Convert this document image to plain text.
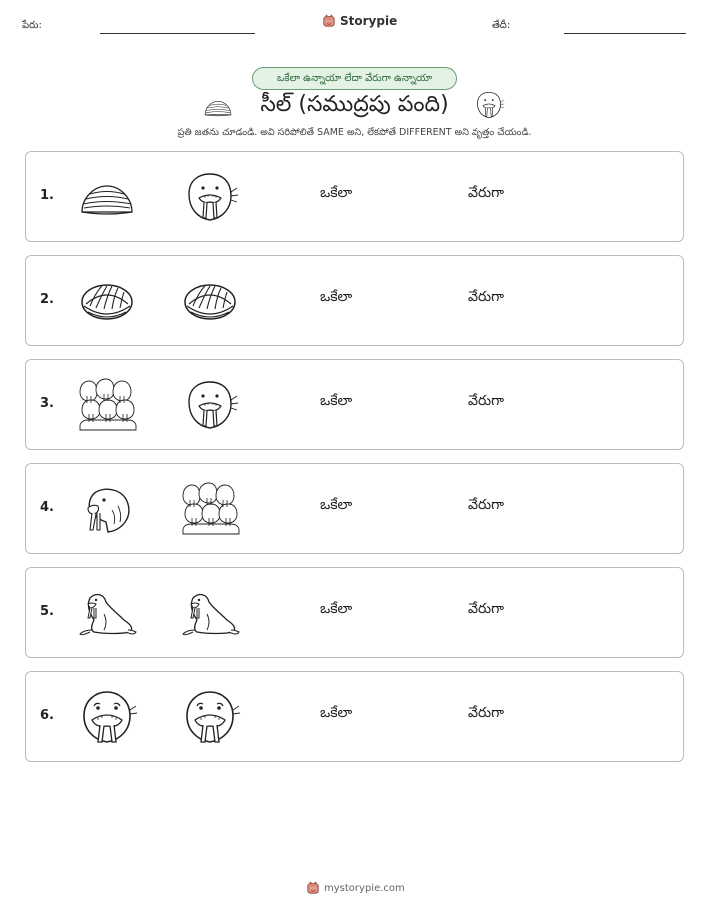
పేరు:	Storypie	తేదీ:
ఒకేలా ఉన్నాయా లేదా వేరుగా ఉన్నాయా
సీల్ (సముద్రపు పంది)
ప్రతి జతను చూడండి. అవి సరిపోలితే SAME అని, లేకపోతే DIFFERENT అని వృత్తం చేయండి.
1.	ఒకేలా	వేరుగా
2.	ఒకేలా	వేరుగా
3.	ఒకేలా	వేరుగా
4.	ఒకేలా	వేరుగా
5.	ఒకేలా	వేరుగా
6.	ఒకేలా	వేరుగా
mystorypie.com
